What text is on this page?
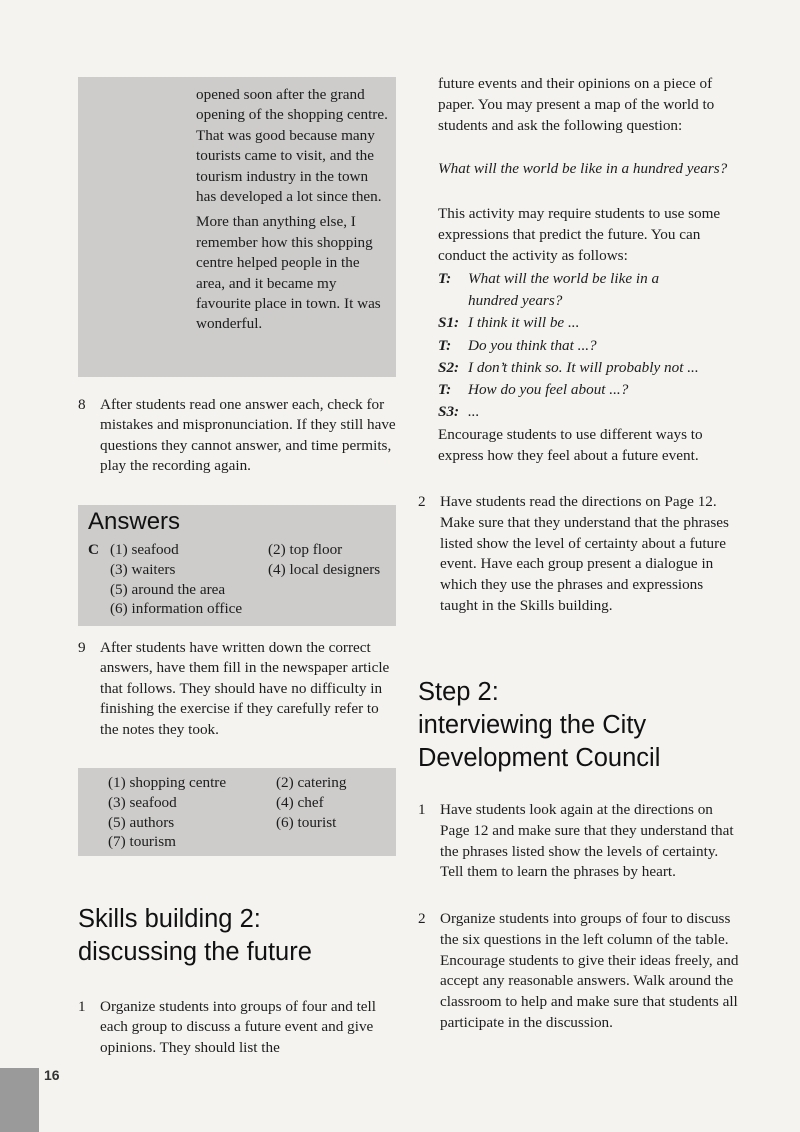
opened soon after the grand opening of the shopping centre. That was good because many tourists came to visit, and the tourism industry in the town has developed a lot since then.

More than anything else, I remember how this shopping centre helped people in the area, and it became my favourite place in town. It was wonderful.

8 After students read one answer each, check for mistakes and mispronunciation. If they still have questions they cannot answer, and time permits, play the recording again.
Answers
C (1) seafood	(2) top floor
(3) waiters	(4) local designers
(5) around the area
(6) information office
9 After students have written down the correct answers, have them fill in the newspaper article that follows. They should have no difficulty in finishing the exercise if they carefully refer to the notes they took.
(1) shopping centre	(2) catering
(3) seafood	(4) chef
(5) authors	(6) tourist
(7) tourism
Skills building 2:
discussing the future
1 Organize students into groups of four and tell each group to discuss a future event and give opinions. They should list the
future events and their opinions on a piece of paper. You may present a map of the world to students and ask the following question:
What will the world be like in a hundred years?
This activity may require students to use some expressions that predict the future. You can conduct the activity as follows:
T:	What will the world be like in a
hundred years?
S1: I think it will be ...
T:	Do you think that ...?
S2: I don’t think so. It will probably not ...
T:	How do you feel about ...?
S3: ...
Encourage students to use different ways to express how they feel about a future event.
2 Have students read the directions on Page 12. Make sure that they understand that the phrases listed show the level of certainty about a future event. Have each group present a dialogue in which they use the phrases and expressions taught in the Skills building.
Step 2:
interviewing the City
Development Council
1 Have students look again at the directions on Page 12 and make sure that they understand that the phrases listed show the levels of certainty. Tell them to learn the phrases by heart.
2 Organize students into groups of four to discuss the six questions in the left column of the table. Encourage students to give their ideas freely, and accept any reasonable answers. Walk around the classroom to help and make sure that students all participate in the discussion.
16
